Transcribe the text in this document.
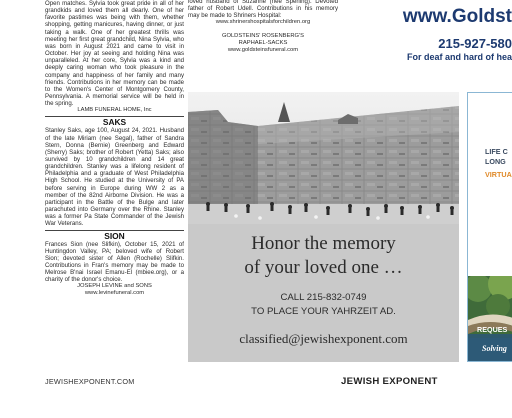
Open matches. Sylvia took great pride in all of her grandkids and loved them all dearly. One of her favorite pastimes was being with them, whether shopping, getting manicures, having dinner, or just taking a walk. One of her greatest thrills was meeting her first great grandchild, Nina Sylvia, who was born in August 2021 and came to visit in October. Her joy at seeing and holding Nina was unparalleled. At her core, Sylvia was a kind and deeply caring woman who took pleasure in the company and happiness of her family and many friends. Contributions in her memory can be made to the Women's Center of Montgomery County, Pennsylvania. A memorial service will be held in the spring.

LAMB FUNERAL HOME, Inc

SAKS

Stanley Saks, age 100, August 24, 2021. Husband of the late Miriam (nee Segal), father of Sandra Stern, Donna (Bernie) Greenberg and Edward (Sherry) Saks; brother of Robert (Yetta) Saks; also survived by 10 grandchildren and 14 great grandchildren. Stanley was a lifelong resident of Philadelphia and a graduate of West Philadelphia High School. He studied at the University of PA before serving in Europe during WW 2 as a member of the 82nd Airborne Division. He was a participant in the Battle of the Bulge and later parachuted into Germany over the Rhine. Stanley was a former Pa State Commander of the Jewish War Veterans.

SION

Frances Sion (nee Slifkin), October 15, 2021 of Huntingdon Valley, PA; beloved wife of Robert Sion; devoted sister of Allen (Rochelle) Slifkin. Contributions in Fran's memory may be made to Melrose B'nai Israel Emanu-El (mbiee.org), or a charity of the donor's choice.

JOSEPH LEVINE and SONS

www.levinefuneral.com

loved husband of Suzanne (nee Sperling). Devoted father of Robert Udell. Contributions in his memory may be made to Shriners Hospital:

www.shrinershospitalsforchildren.org

GOLDSTEINS' ROSENBERG'S

RAPHAEL-SACKS

www.goldsteinsfuneral.com

www.Goldst
215-927-580
For deaf and hard of hea
Honor the memory
of your loved one …
CALL 215-832-0749
TO PLACE YOUR YAHRZEIT AD.
classified@jewishexponent.com
LIFE C
LONG
VIRTUA
REQUES
Solving
JEWISHEXPONENT.COM	JEWISH EXPONENT
